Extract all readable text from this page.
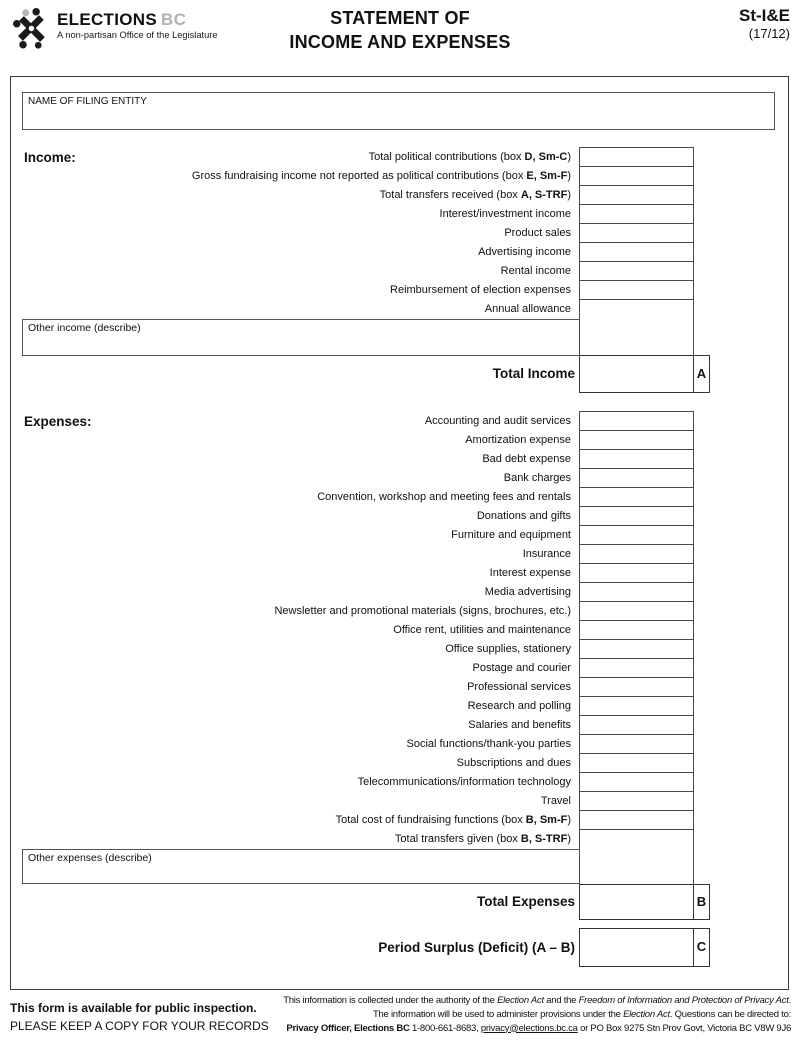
ELECTIONS BC
A non-partisan Office of the Legislature
STATEMENT OF
INCOME AND EXPENSES
St-I&E
(17/12)
NAME OF FILING ENTITY
Income:	Total political contributions (box D, Sm-C)
Gross fundraising income not reported as political contributions (box E, Sm-F)
Total transfers received (box A, S-TRF)
Interest/investment income
Product sales
Advertising income
Rental income
Reimbursement of election expenses
Annual allowance
Other income (describe)
Total Income	A
Expenses:	Accounting and audit services
Amortization expense
Bad debt expense
Bank charges
Convention, workshop and meeting fees and rentals
Donations and gifts
Furniture and equipment
Insurance
Interest expense
Media advertising
Newsletter and promotional materials (signs, brochures, etc.)
Office rent, utilities and maintenance
Office supplies, stationery
Postage and courier
Professional services
Research and polling
Salaries and benefits
Social functions/thank-you parties
Subscriptions and dues
Telecommunications/information technology
Travel
Total cost of fundraising functions (box B, Sm-F)
Total transfers given (box B, S-TRF)
Other expenses (describe)
Total Expenses	B
Period Surplus (Deficit) (A – B)	C
This form is available for public inspection.
PLEASE KEEP A COPY FOR YOUR RECORDS
This information is collected under the authority of the Election Act and the Freedom of Information and Protection of Privacy Act.
The information will be used to administer provisions under the Election Act. Questions can be directed to:
Privacy Officer, Elections BC 1-800-661-8683, privacy@elections.bc.ca or PO Box 9275 Stn Prov Govt, Victoria BC V8W 9J6
